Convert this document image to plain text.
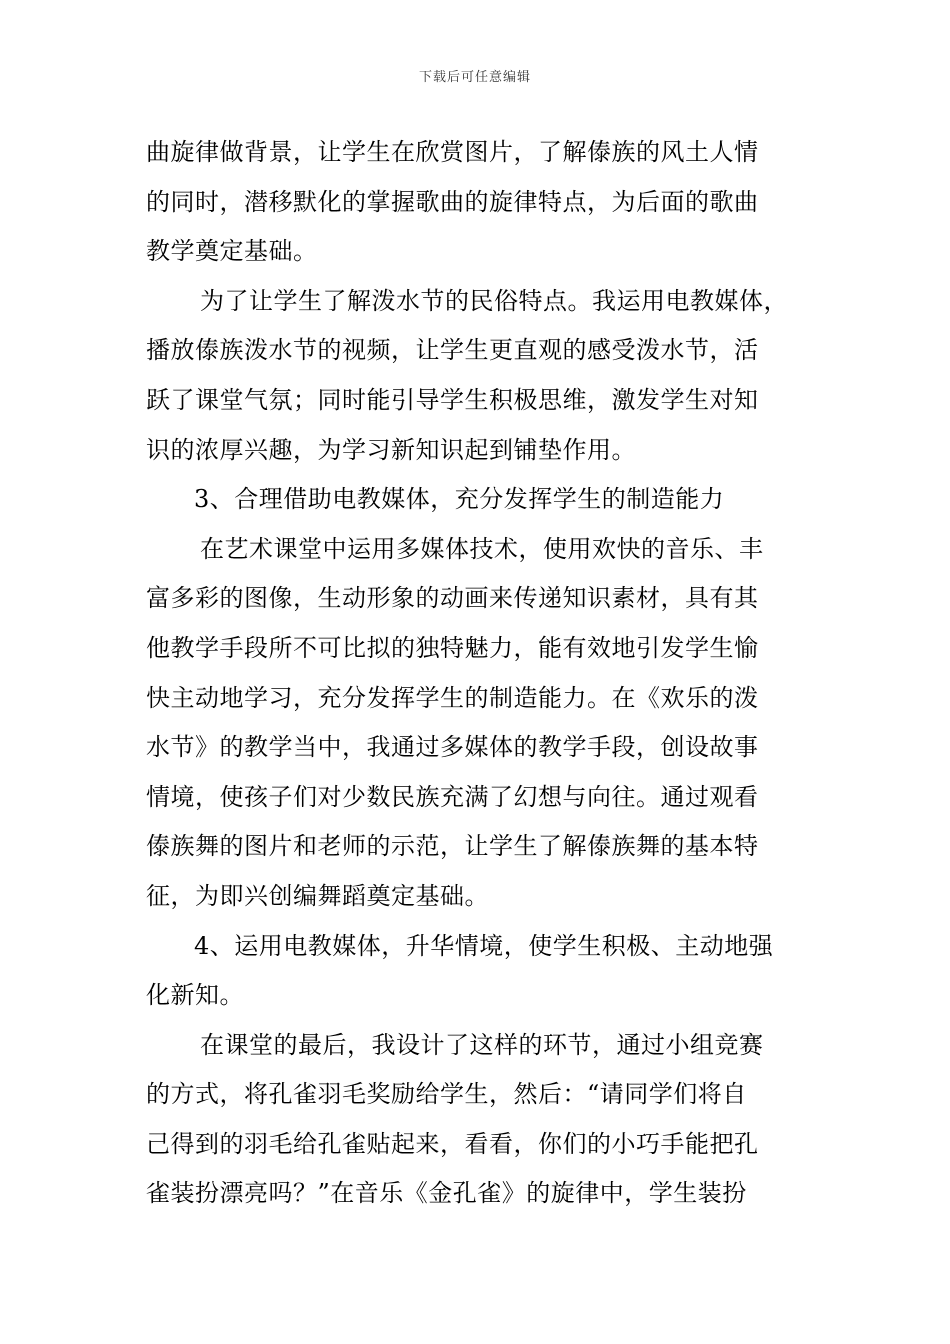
下载后可任意编辑
曲旋律做背景，让学生在欣赏图片，了解傣族的风土人情
的同时，潜移默化的掌握歌曲的旋律特点，为后面的歌曲
教学奠定基础。
为了让学生了解泼水节的民俗特点。我运用电教媒体，
播放傣族泼水节的视频，让学生更直观的感受泼水节，活
跃了课堂气氛；同时能引导学生积极思维，激发学生对知
识的浓厚兴趣，为学习新知识起到铺垫作用。
3、合理借助电教媒体，充分发挥学生的制造能力
在艺术课堂中运用多媒体技术，使用欢快的音乐、丰
富多彩的图像，生动形象的动画来传递知识素材，具有其
他教学手段所不可比拟的独特魅力，能有效地引发学生愉
快主动地学习，充分发挥学生的制造能力。在《欢乐的泼
水节》的教学当中，我通过多媒体的教学手段，创设故事
情境，使孩子们对少数民族充满了幻想与向往。通过观看
傣族舞的图片和老师的示范，让学生了解傣族舞的基本特
征，为即兴创编舞蹈奠定基础。
4、运用电教媒体，升华情境，使学生积极、主动地强
化新知。
在课堂的最后，我设计了这样的环节，通过小组竞赛
的方式，将孔雀羽毛奖励给学生，然后：“请同学们将自
己得到的羽毛给孔雀贴起来，看看，你们的小巧手能把孔
雀装扮漂亮吗？”在音乐《金孔雀》的旋律中，学生装扮
